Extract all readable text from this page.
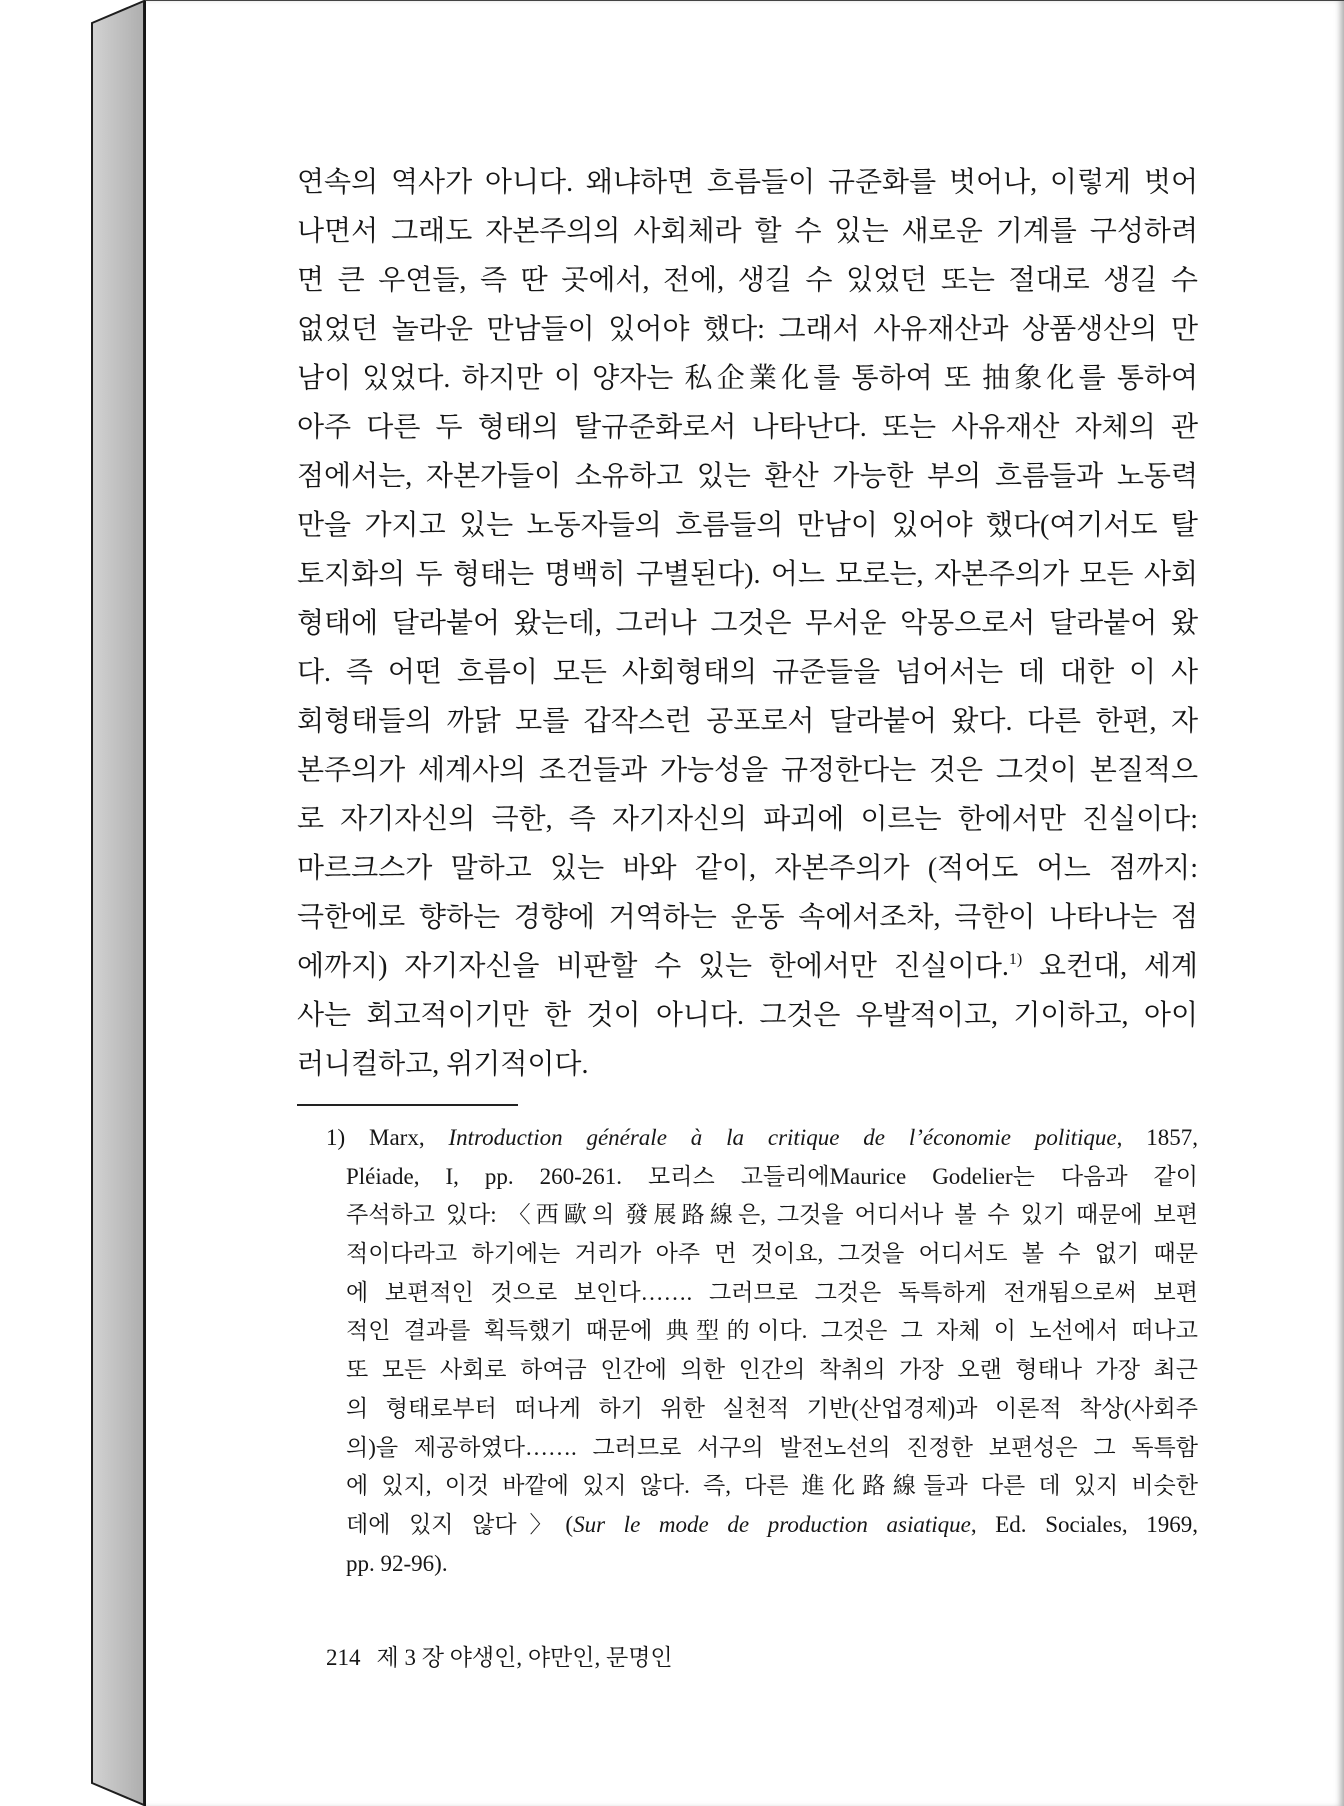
연속의 역사가 아니다. 왜냐하면 흐름들이 규준화를 벗어나, 이렇게 벗어
나면서 그래도 자본주의의 사회체라 할 수 있는 새로운 기계를 구성하려
면 큰 우연들, 즉 딴 곳에서, 전에, 생길 수 있었던 또는 절대로 생길 수
없었던 놀라운 만남들이 있어야 했다: 그래서 사유재산과 상품생산의 만
남이 있었다. 하지만 이 양자는 私企業化를 통하여 또 抽象化를 통하여
아주 다른 두 형태의 탈규준화로서 나타난다. 또는 사유재산 자체의 관
점에서는, 자본가들이 소유하고 있는 환산 가능한 부의 흐름들과 노동력
만을 가지고 있는 노동자들의 흐름들의 만남이 있어야 했다(여기서도 탈
토지화의 두 형태는 명백히 구별된다). 어느 모로는, 자본주의가 모든 사회
형태에 달라붙어 왔는데, 그러나 그것은 무서운 악몽으로서 달라붙어 왔
다. 즉 어떤 흐름이 모든 사회형태의 규준들을 넘어서는 데 대한 이 사
회형태들의 까닭 모를 갑작스런 공포로서 달라붙어 왔다. 다른 한편, 자
본주의가 세계사의 조건들과 가능성을 규정한다는 것은 그것이 본질적으
로 자기자신의 극한, 즉 자기자신의 파괴에 이르는 한에서만 진실이다:
마르크스가 말하고 있는 바와 같이, 자본주의가 (적어도 어느 점까지:
극한에로 향하는 경향에 거역하는 운동 속에서조차, 극한이 나타나는 점
에까지) 자기자신을 비판할 수 있는 한에서만 진실이다.$^{1)}$ 요컨대, 세계
사는 회고적이기만 한 것이 아니다. 그것은 우발적이고, 기이하고, 아이
러니컬하고, 위기적이다.
1) Marx, Introduction générale à la critique de l’économie politique, 1857,
Pléiade, I, pp. 260-261. 모리스 고들리에Maurice Godelier는 다음과 같이
주석하고 있다: 〈西歐의 發展路線은, 그것을 어디서나 볼 수 있기 때문에 보편
적이다라고 하기에는 거리가 아주 먼 것이요, 그것을 어디서도 볼 수 없기 때문
에 보편적인 것으로 보인다……. 그러므로 그것은 독특하게 전개됨으로써 보편
적인 결과를 획득했기 때문에 典型的이다. 그것은 그 자체 이 노선에서 떠나고
또 모든 사회로 하여금 인간에 의한 인간의 착취의 가장 오랜 형태나 가장 최근
의 형태로부터 떠나게 하기 위한 실천적 기반(산업경제)과 이론적 착상(사회주
의)을 제공하였다……. 그러므로 서구의 발전노선의 진정한 보편성은 그 독특함
에 있지, 이것 바깥에 있지 않다. 즉, 다른 進化路線들과 다른 데 있지 비슷한
데에 있지 않다〉(Sur le mode de production asiatique, Ed. Sociales, 1969,
pp. 92-96).
214 제 3 장 야생인, 야만인, 문명인
